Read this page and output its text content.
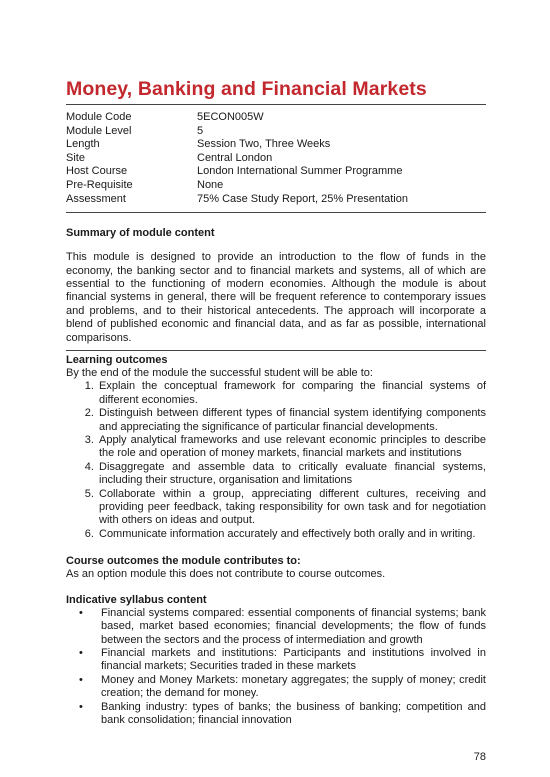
Money, Banking and Financial Markets
Module Code	5ECON005W
Module Level	5
Length	Session Two, Three Weeks
Site	Central London
Host Course	London International Summer Programme
Pre-Requisite	None
Assessment	75% Case Study Report, 25% Presentation
Summary of module content
This module is designed to provide an introduction to the flow of funds in the economy, the banking sector and to financial markets and systems, all of which are essential to the functioning of modern economies. Although the module is about financial systems in general, there will be frequent reference to contemporary issues and problems, and to their historical antecedents. The approach will incorporate a blend of published economic and financial data, and as far as possible, international comparisons.
Learning outcomes
By the end of the module the successful student will be able to:
1. Explain the conceptual framework for comparing the financial systems of different economies.
2. Distinguish between different types of financial system identifying components and appreciating the significance of particular financial developments.
3. Apply analytical frameworks and use relevant economic principles to describe the role and operation of money markets, financial markets and institutions
4. Disaggregate and assemble data to critically evaluate financial systems, including their structure, organisation and limitations
5. Collaborate within a group, appreciating different cultures, receiving and providing peer feedback, taking responsibility for own task and for negotiation with others on ideas and output.
6. Communicate information accurately and effectively both orally and in writing.
Course outcomes the module contributes to:
As an option module this does not contribute to course outcomes.
Indicative syllabus content
• Financial systems compared: essential components of financial systems; bank based, market based economies; financial developments; the flow of funds between the sectors and the process of intermediation and growth
• Financial markets and institutions: Participants and institutions involved in financial markets; Securities traded in these markets
• Money and Money Markets: monetary aggregates; the supply of money; credit creation; the demand for money.
• Banking industry: types of banks; the business of banking; competition and bank consolidation; financial innovation
78
